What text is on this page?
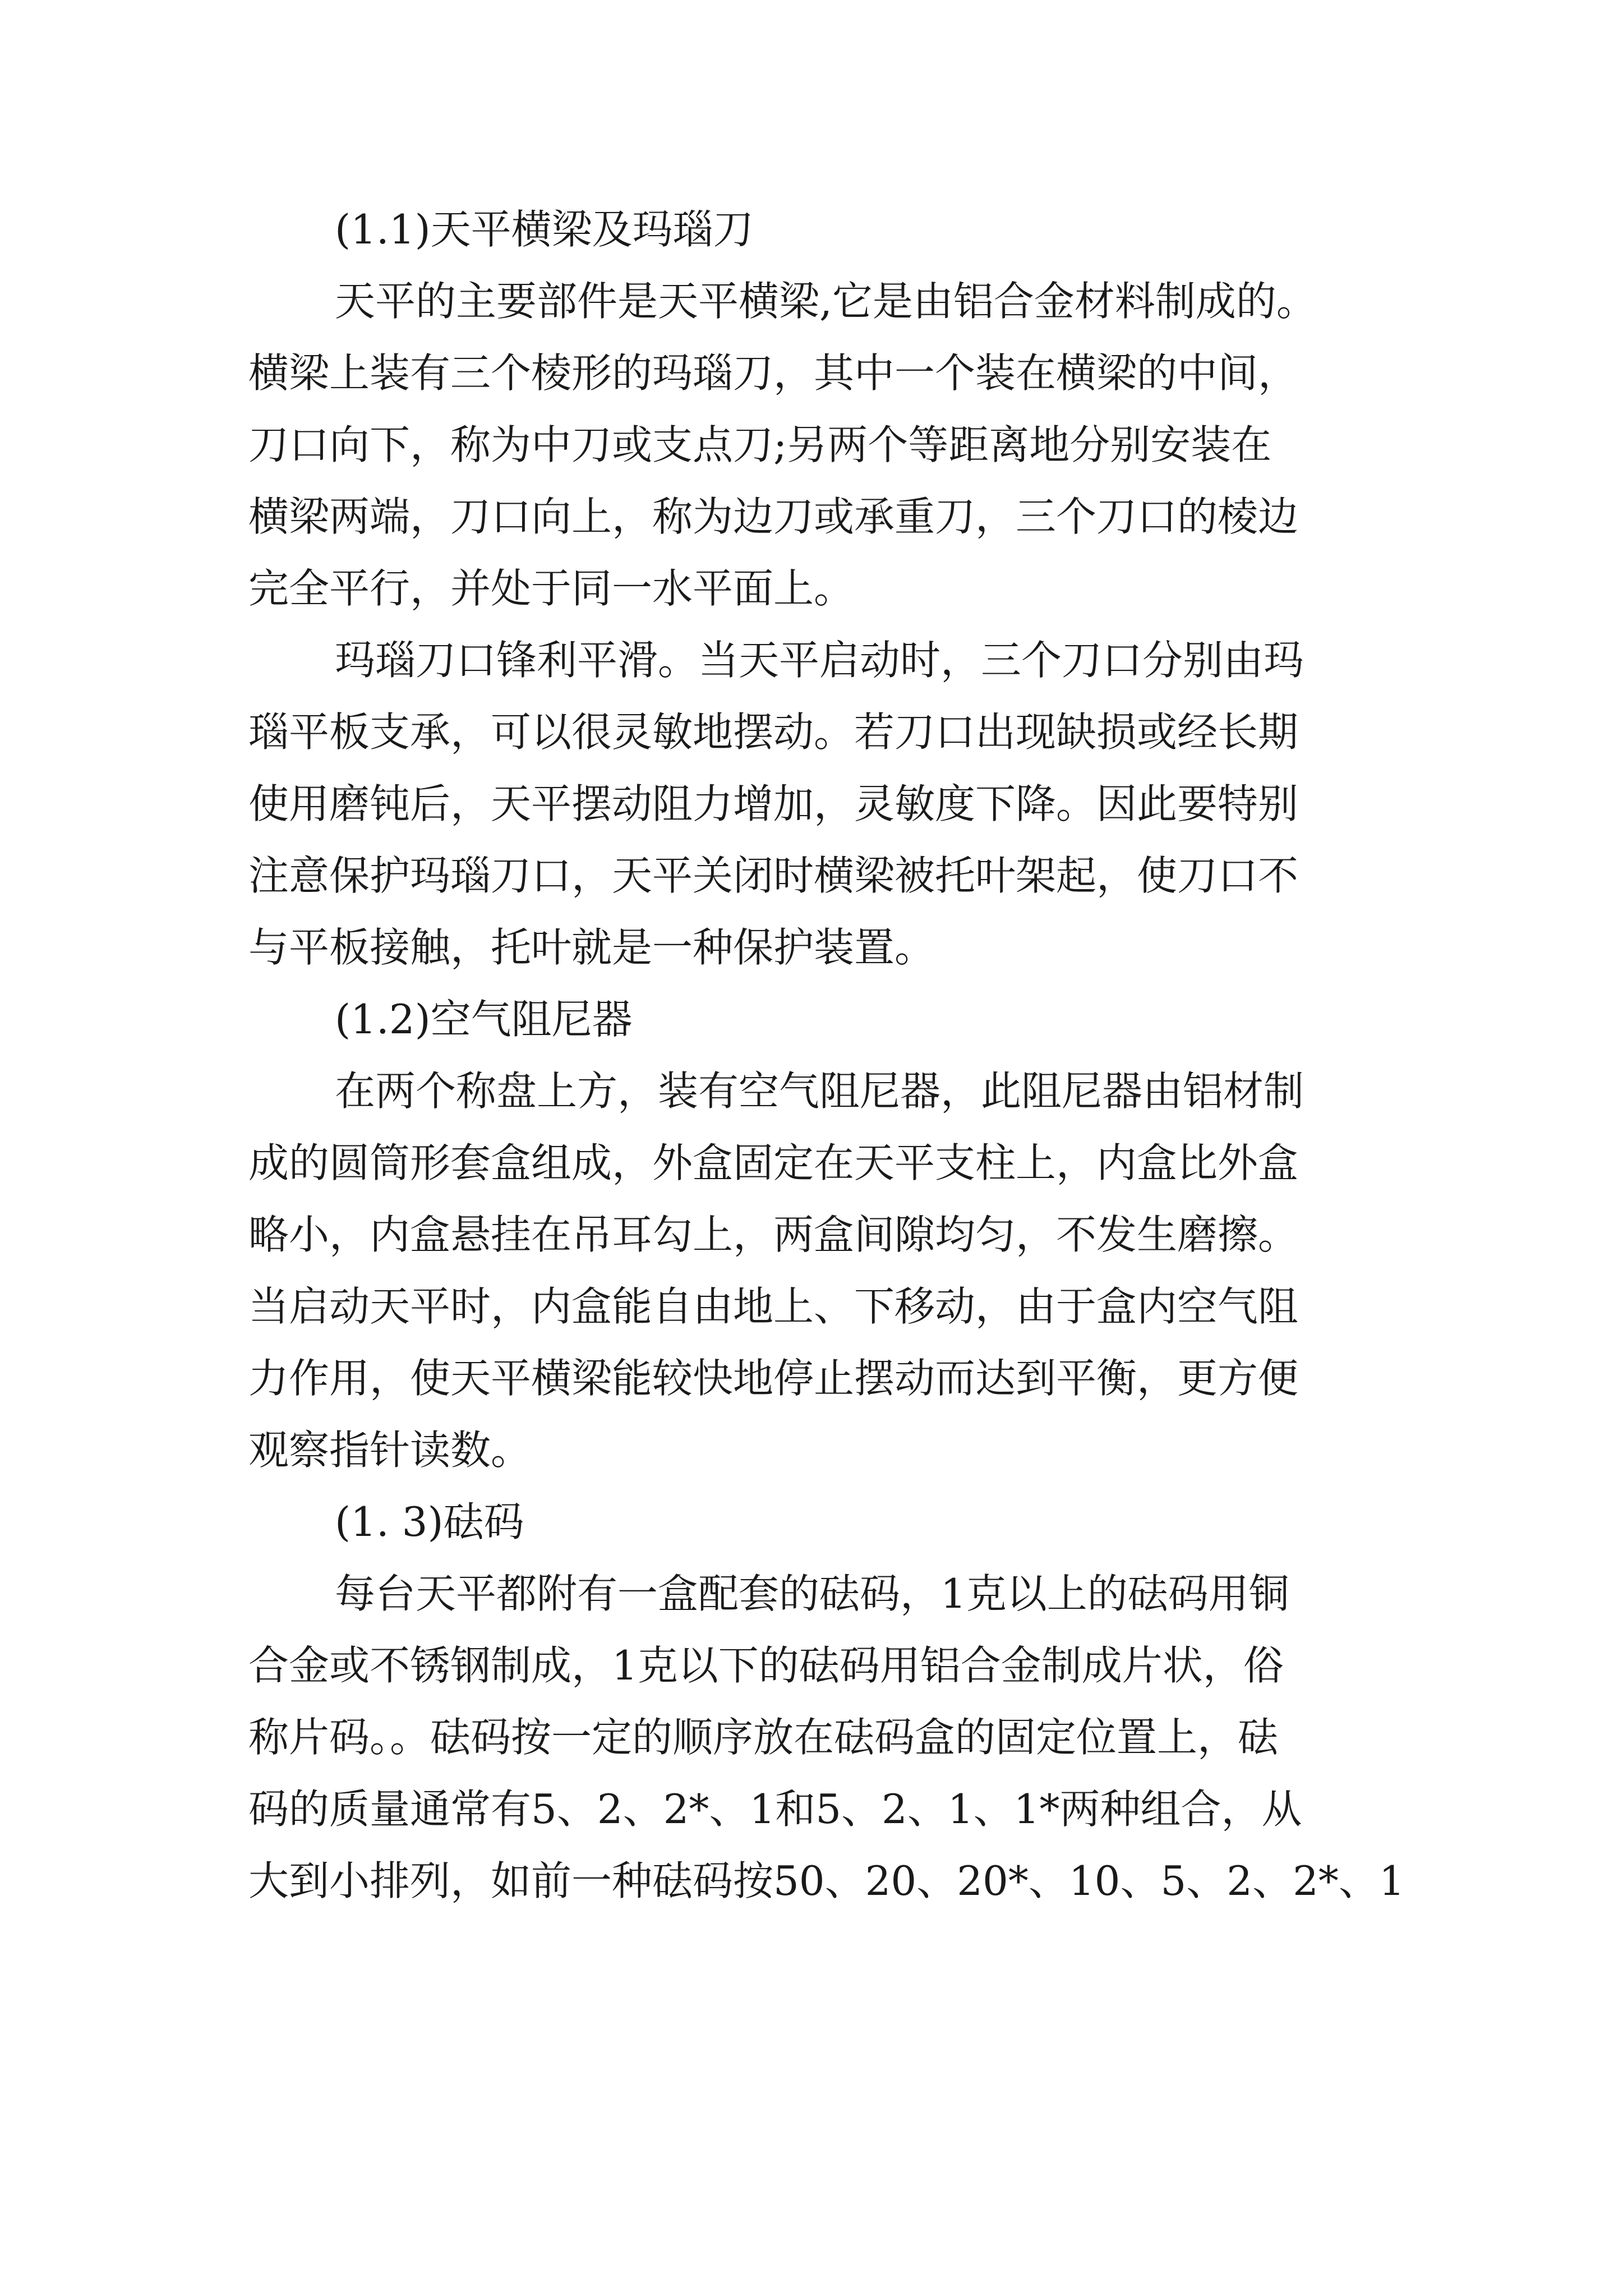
(1.1)天平横梁及玛瑙刀

天平的主要部件是天平横梁,它是由铝合金材料制成的。

横梁上装有三个棱形的玛瑙刀，其中一个装在横梁的中间，

刀口向下，称为中刀或支点刀;另两个等距离地分别安装在

横梁两端，刀口向上，称为边刀或承重刀，三个刀口的棱边

完全平行，并处于同一水平面上。

玛瑙刀口锋利平滑。当天平启动时，三个刀口分别由玛

瑙平板支承，可以很灵敏地摆动。若刀口出现缺损或经长期

使用磨钝后，天平摆动阻力增加，灵敏度下降。因此要特别

注意保护玛瑙刀口，天平关闭时横梁被托叶架起，使刀口不

与平板接触，托叶就是一种保护装置。

(1.2)空气阻尼器

在两个称盘上方，装有空气阻尼器，此阻尼器由铝材制

成的圆筒形套盒组成，外盒固定在天平支柱上，内盒比外盒

略小，内盒悬挂在吊耳勾上，两盒间隙均匀，不发生磨擦。

当启动天平时，内盒能自由地上、下移动，由于盒内空气阻

力作用，使天平横梁能较快地停止摆动而达到平衡，更方便

观察指针读数。

(1. 3)砝码

每台天平都附有一盒配套的砝码，1克以上的砝码用铜

合金或不锈钢制成，1克以下的砝码用铝合金制成片状，俗

称片码。。砝码按一定的顺序放在砝码盒的固定位置上，砝

码的质量通常有5、2、2*、1和5、2、1、1*两种组合，从

大到小排列，如前一种砝码按50、20、20*、10、5、2、2*、1
